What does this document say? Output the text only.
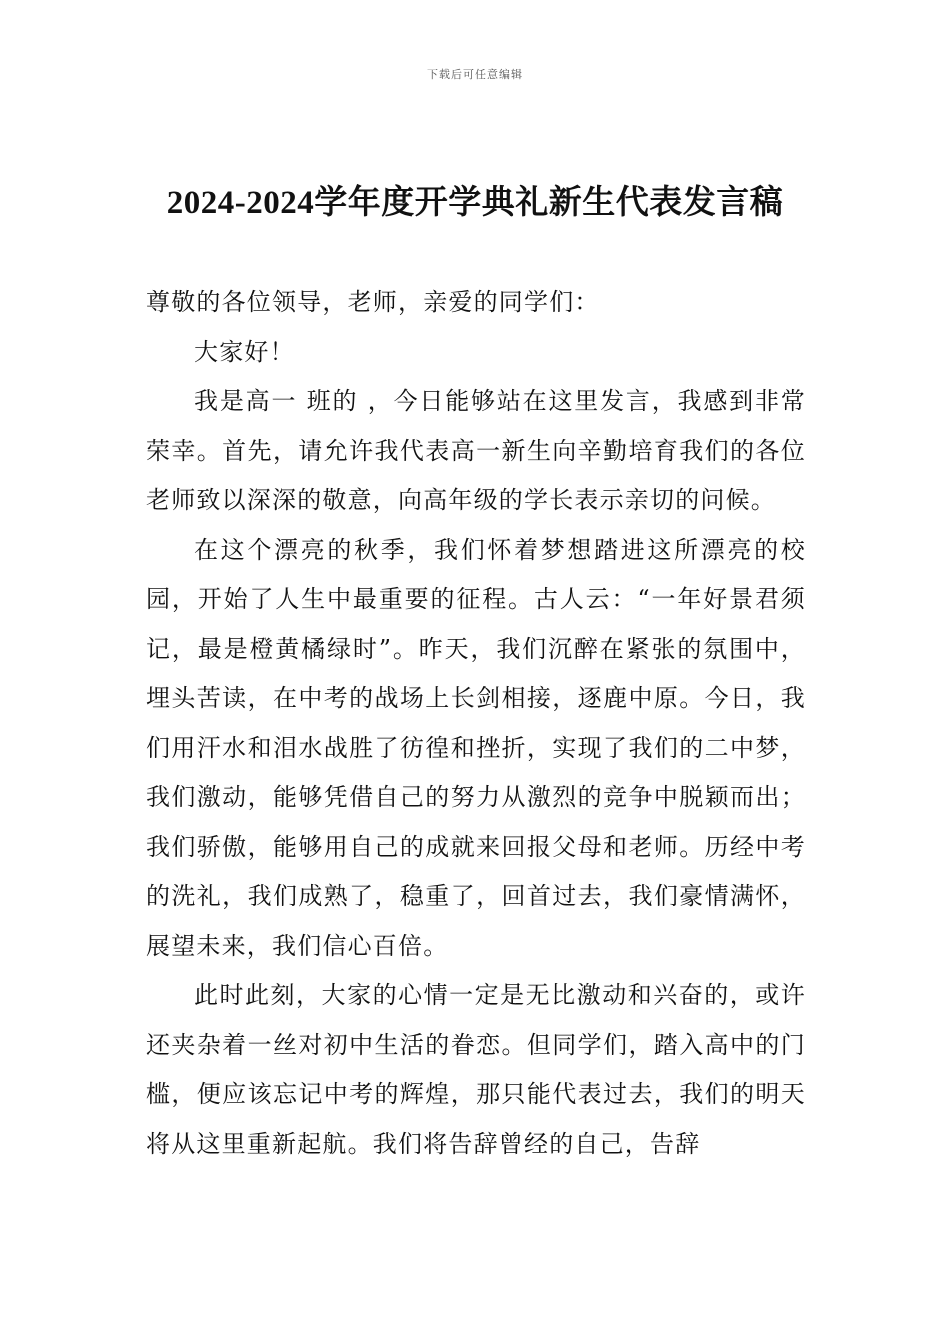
下载后可任意编辑
2024-2024学年度开学典礼新生代表发言稿

尊敬的各位领导，老师，亲爱的同学们：

大家好！

我是高一 班的 ，今日能够站在这里发言，我感到非常荣幸。首先，请允许我代表高一新生向辛勤培育我们的各位老师致以深深的敬意，向高年级的学长表示亲切的问候。

在这个漂亮的秋季，我们怀着梦想踏进这所漂亮的校园，开始了人生中最重要的征程。古人云：“一年好景君须记，最是橙黄橘绿时”。昨天，我们沉醉在紧张的氛围中，埋头苦读，在中考的战场上长剑相接，逐鹿中原。今日，我们用汗水和泪水战胜了彷徨和挫折，实现了我们的二中梦，我们激动，能够凭借自己的努力从激烈的竞争中脱颖而出；我们骄傲，能够用自己的成就来回报父母和老师。历经中考的洗礼，我们成熟了，稳重了，回首过去，我们豪情满怀，展望未来，我们信心百倍。

此时此刻，大家的心情一定是无比激动和兴奋的，或许还夹杂着一丝对初中生活的眷恋。但同学们，踏入高中的门槛，便应该忘记中考的辉煌，那只能代表过去，我们的明天将从这里重新起航。我们将告辞曾经的自己，告辞
